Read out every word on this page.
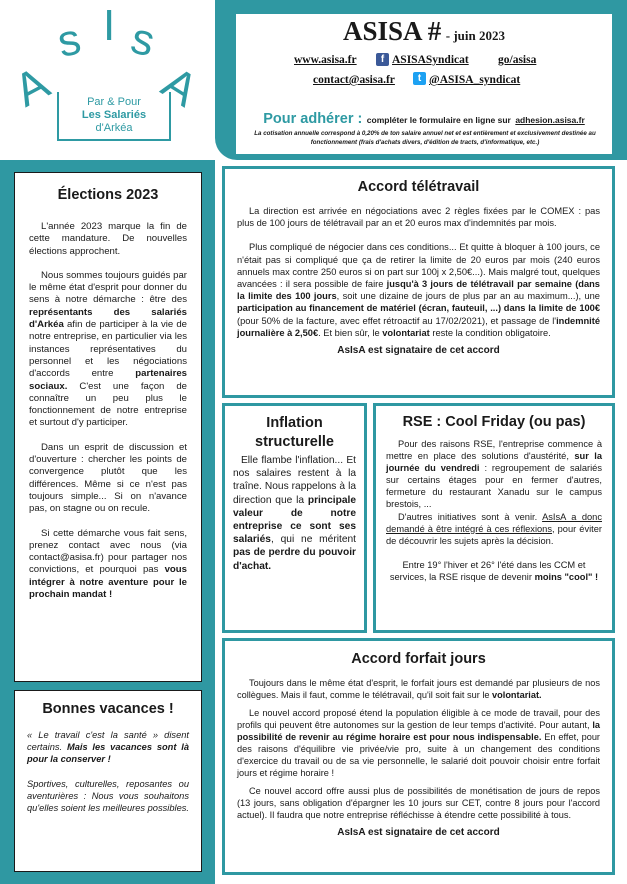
A
s I s
A
Par & Pour
Les Salariés
d'Arkéa
ASISA # - juin 2023
www.asisa.fr	f ASISASyndicat	go/asisa
contact@asisa.fr	t @ASISA_syndicat
Pour adhérer : compléter le formulaire en ligne sur adhesion.asisa.fr
La cotisation annuelle correspond à 0,20% de ton salaire annuel net et est entièrement et exclusivement destinée au fonctionnement (frais d'achats divers, d'édition de tracts, d'informatique, etc.)
Élections 2023

L'année 2023 marque la fin de cette mandature. De nouvelles élections approchent.

Nous sommes toujours guidés par le même état d'esprit pour donner du sens à notre démarche : être des représentants des salariés d'Arkéa afin de participer à la vie de notre entreprise, en particulier via les instances représentatives du personnel et les négociations d'accords entre partenaires sociaux. C'est une façon de connaître un peu plus le fonctionnement de notre entreprise et surtout d'y participer.

Dans un esprit de discussion et d'ouverture : chercher les points de convergence plutôt que les différences. Même si ce n'est pas toujours simple... Si on n'avance pas, on stagne ou on recule.

Si cette démarche vous fait sens, prenez contact avec nous (via contact@asisa.fr) pour partager nos convictions, et pourquoi pas vous intégrer à notre aventure pour le prochain mandat !

Bonnes vacances !

« Le travail c'est la santé » disent certains. Mais les vacances sont là pour la conserver !

Sportives, culturelles, reposantes ou aventurières : Nous vous souhaitons qu'elles soient les meilleures possibles.

Accord télétravail

La direction est arrivée en négociations avec 2 règles fixées par le COMEX : pas plus de 100 jours de télétravail par an et 20 euros max d'indemnités par mois.

Plus compliqué de négocier dans ces conditions... Et quitte à bloquer à 100 jours, ce n'était pas si compliqué que ça de retirer la limite de 20 euros par mois (240 euros annuels max contre 250 euros si on part sur 100j x 2,50€...). Mais malgré tout, quelques avancées : il sera possible de faire jusqu'à 3 jours de télétravail par semaine (dans la limite des 100 jours, soit une dizaine de jours de plus par an au maximum...), une participation au financement de matériel (écran, fauteuil, ...) dans la limite de 100€ (pour 50% de la facture, avec effet rétroactif au 17/02/2021), et passage de l'indemnité journalière à 2,50€. Et bien sûr, le volontariat reste la condition obligatoire.

AsIsA est signataire de cet accord
Inflation structurelle

Elle flambe l'inflation... Et nos salaires restent à la traîne. Nous rappelons à la direction que la principale valeur de notre entreprise ce sont ses salariés, qui ne méritent pas de perdre du pouvoir d'achat.

RSE : Cool Friday (ou pas)

Pour des raisons RSE, l'entreprise commence à mettre en place des solutions d'austérité, sur la journée du vendredi : regroupement de salariés sur certains étages pour en fermer d'autres, fermeture du restaurant Xanadu sur le campus brestois, ...

D'autres initiatives sont à venir. AsIsA a donc demandé à être intégré à ces réflexions, pour éviter de découvrir les sujets après la décision.

Entre 19° l'hiver et 26° l'été dans les CCM et services, la RSE risque de devenir moins "cool" !

Accord forfait jours

Toujours dans le même état d'esprit, le forfait jours est demandé par plusieurs de nos collègues. Mais il faut, comme le télétravail, qu'il soit fait sur le volontariat.

Le nouvel accord proposé étend la population éligible à ce mode de travail, pour des profils qui peuvent être autonomes sur la gestion de leur temps d'activité. Pour autant, la possibilité de revenir au régime horaire est pour nous indispensable. En effet, pour des raisons d'équilibre vie privée/vie pro, suite à un changement des conditions d'exercice du travail ou de sa vie personnelle, le salarié doit pouvoir choisir entre forfait jours et régime horaire !

Ce nouvel accord offre aussi plus de possibilités de monétisation de jours de repos (13 jours, sans obligation d'épargner les 10 jours sur CET, contre 8 jours pour l'accord actuel). Il faudra que notre entreprise réfléchisse à étendre cette possibilité à tous.

AsIsA est signataire de cet accord
